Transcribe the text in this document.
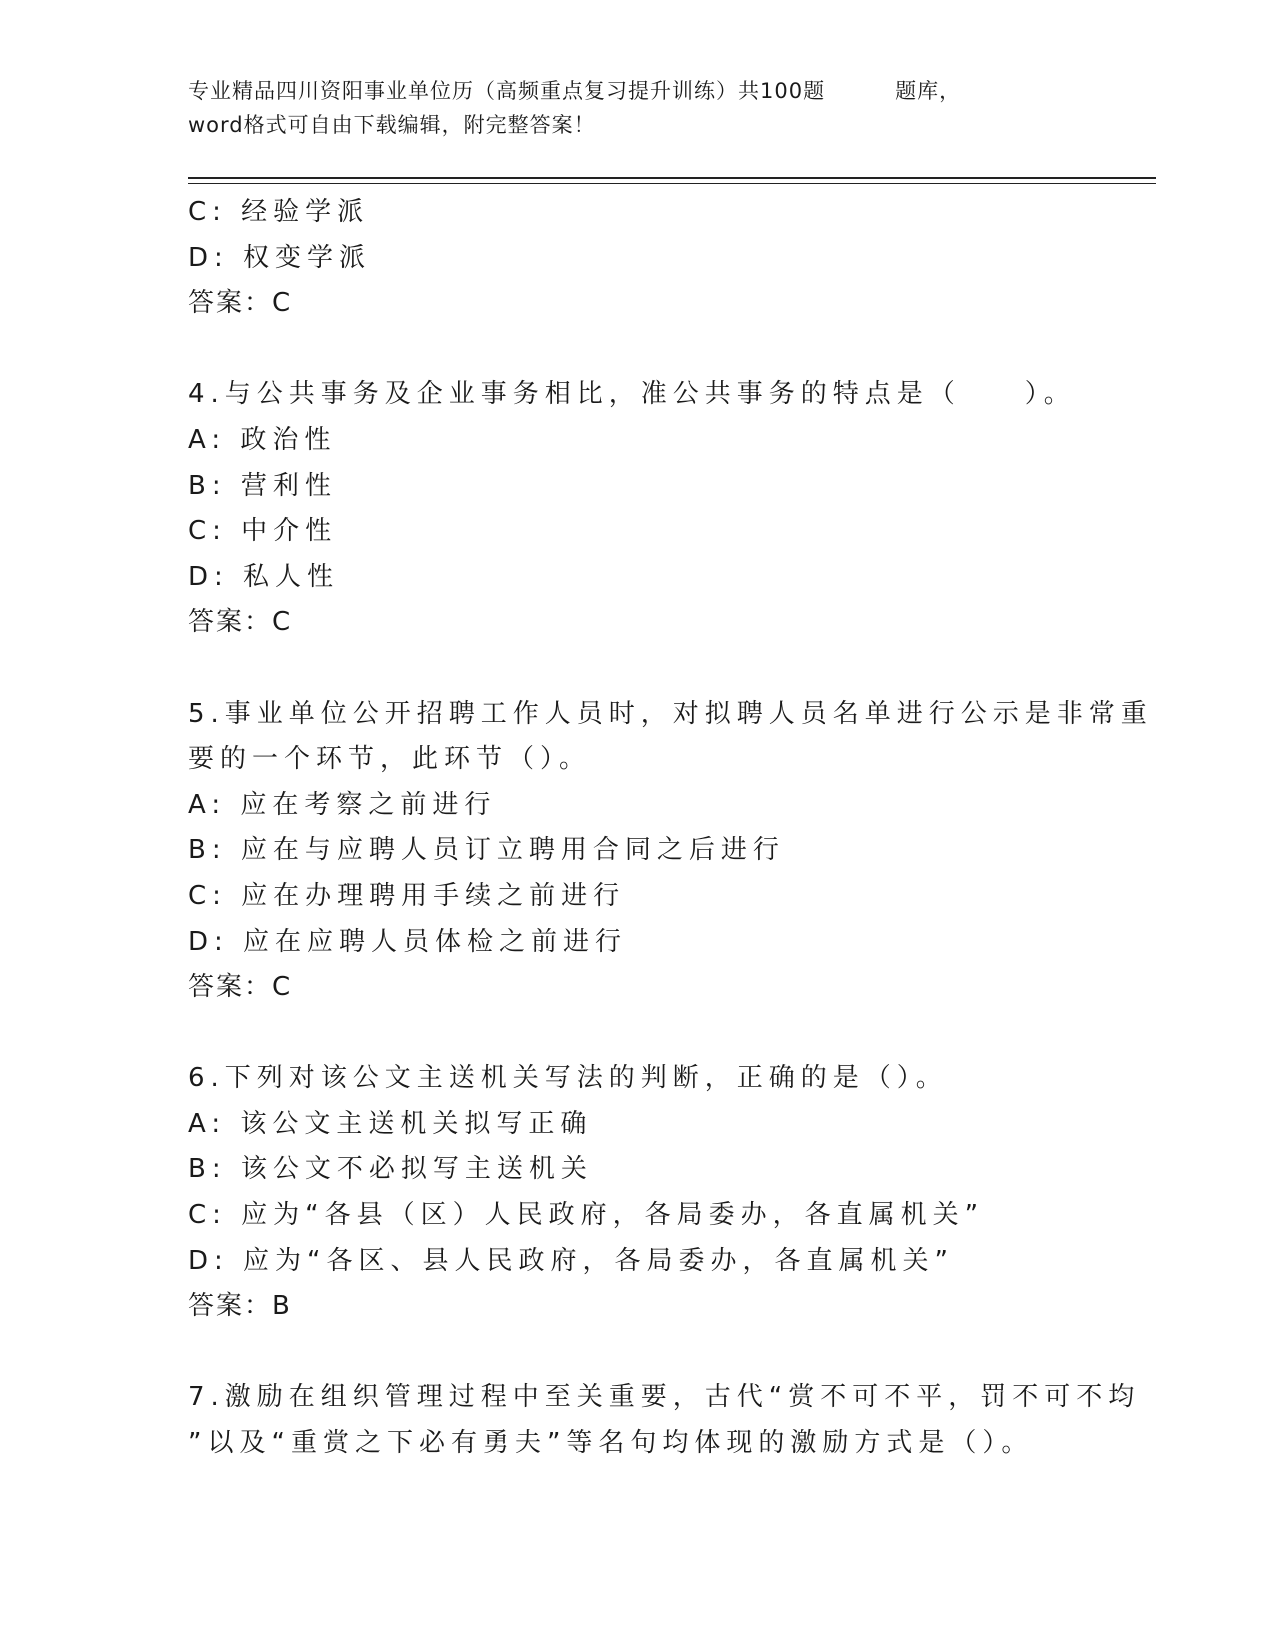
专业精品四川资阳事业单位历（高频重点复习提升训练）共100题	题库，
word格式可自由下载编辑，附完整答案！
C: 经验学派
D: 权变学派
答案：C
4.与公共事务及企业事务相比，准公共事务的特点是（　　）。
A: 政治性
B: 营利性
C: 中介性
D: 私人性
答案：C
5.事业单位公开招聘工作人员时，对拟聘人员名单进行公示是非常重
要的一个环节，此环节（）。
A: 应在考察之前进行
B: 应在与应聘人员订立聘用合同之后进行
C: 应在办理聘用手续之前进行
D: 应在应聘人员体检之前进行
答案：C
6.下列对该公文主送机关写法的判断，正确的是（）。
A: 该公文主送机关拟写正确
B: 该公文不必拟写主送机关
C: 应为“各县（区）人民政府，各局委办，各直属机关”
D: 应为“各区、县人民政府，各局委办，各直属机关”
答案：B
7.激励在组织管理过程中至关重要，古代“赏不可不平，罚不可不均
”以及“重赏之下必有勇夫”等名句均体现的激励方式是（）。
